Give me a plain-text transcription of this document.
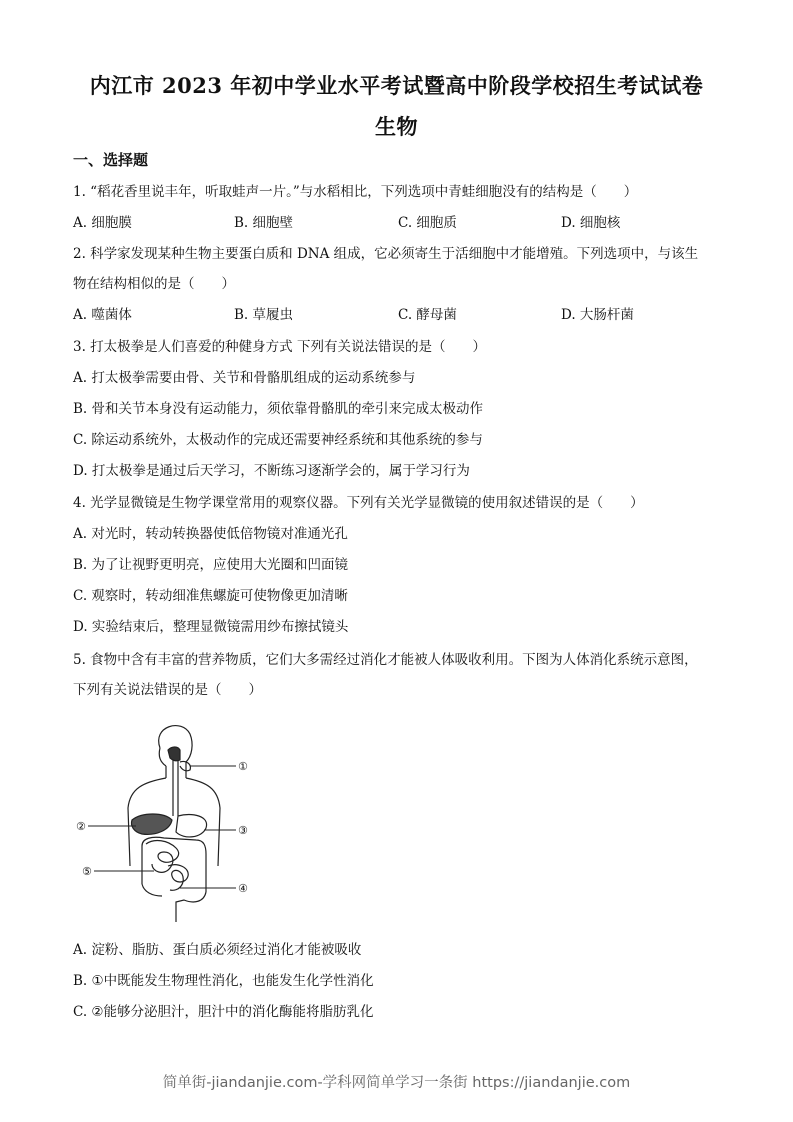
内江市 2023 年初中学业水平考试暨高中阶段学校招生考试试卷
生物
一、选择题
1. “稻花香里说丰年，听取蛙声一片。”与水稻相比，下列选项中青蛙细胞没有的结构是（　　）
A. 细胞膜	B. 细胞壁	C. 细胞质	D. 细胞核
2. 科学家发现某种生物主要蛋白质和 DNA 组成，它必须寄生于活细胞中才能增殖。下列选项中，与该生
物在结构相似的是（　　）
A. 噬菌体	B. 草履虫	C. 酵母菌	D. 大肠杆菌
3. 打太极拳是人们喜爱的种健身方式 下列有关说法错误的是（　　）
A. 打太极拳需要由骨、关节和骨骼肌组成的运动系统参与
B. 骨和关节本身没有运动能力，须依靠骨骼肌的牵引来完成太极动作
C. 除运动系统外，太极动作的完成还需要神经系统和其他系统的参与
D. 打太极拳是通过后天学习，不断练习逐渐学会的，属于学习行为
4. 光学显微镜是生物学课堂常用的观察仪器。下列有关光学显微镜的使用叙述错误的是（　　）
A. 对光时，转动转换器使低倍物镜对准通光孔
B. 为了让视野更明亮，应使用大光圈和凹面镜
C. 观察时，转动细准焦螺旋可使物像更加清晰
D. 实验结束后，整理显微镜需用纱布擦拭镜头
5. 食物中含有丰富的营养物质，它们大多需经过消化才能被人体吸收利用。下图为人体消化系统示意图，
下列有关说法错误的是（　　）
①
②	③
④
⑤
A. 淀粉、脂肪、蛋白质必须经过消化才能被吸收
B. ①中既能发生物理性消化，也能发生化学性消化
C. ②能够分泌胆汁，胆汁中的消化酶能将脂肪乳化
简单街-jiandanjie.com-学科网简单学习一条街 https://jiandanjie.com
